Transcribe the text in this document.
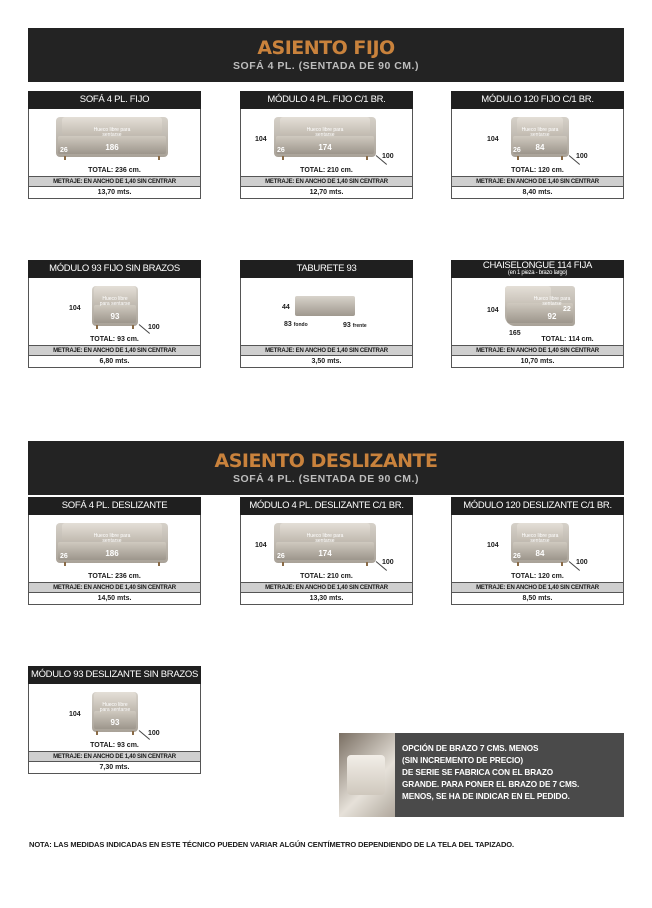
ASIENTO FIJO
SOFÁ 4 PL. (SENTADA DE 90 CM.)
SOFÁ 4 PL. FIJO
Hueco libre para sentarse
186
26
TOTAL: 236 cm.
METRAJE: EN ANCHO DE 1,40 SIN CENTRAR
13,70 mts.
MÓDULO 4 PL. FIJO C/1 BR.
104
Hueco libre para sentarse
174
26
100
TOTAL: 210 cm.
METRAJE: EN ANCHO DE 1,40 SIN CENTRAR
12,70 mts.
MÓDULO 120 FIJO C/1 BR.
104
Hueco libre para sentarse
84
26
100
TOTAL: 120 cm.
METRAJE: EN ANCHO DE 1,40 SIN CENTRAR
8,40 mts.
MÓDULO 93 FIJO SIN BRAZOS
104
Hueco libre para sentarse
93
100
TOTAL: 93 cm.
METRAJE: EN ANCHO DE 1,40 SIN CENTRAR
6,80 mts.
TABURETE 93
44
83 fondo	93 frente
METRAJE: EN ANCHO DE 1,40 SIN CENTRAR
3,50 mts.
CHAISELONGUE 114 FIJA
(en 1 pieza - brazo largo)
104
Hueco libre para sentarse
92
22
165
TOTAL: 114 cm.
METRAJE: EN ANCHO DE 1,40 SIN CENTRAR
10,70 mts.
ASIENTO DESLIZANTE
SOFÁ 4 PL. (SENTADA DE 90 CM.)
SOFÁ 4 PL. DESLIZANTE
Hueco libre para sentarse
186
26
TOTAL: 236 cm.
METRAJE: EN ANCHO DE 1,40 SIN CENTRAR
14,50 mts.
MÓDULO 4 PL. DESLIZANTE C/1 BR.
104
Hueco libre para sentarse
174
26
100
TOTAL: 210 cm.
METRAJE: EN ANCHO DE 1,40 SIN CENTRAR
13,30 mts.
MÓDULO 120 DESLIZANTE C/1 BR.
104
Hueco libre para sentarse
84
26
100
TOTAL: 120 cm.
METRAJE: EN ANCHO DE 1,40 SIN CENTRAR
8,50 mts.
MÓDULO 93 DESLIZANTE SIN BRAZOS
104
Hueco libre para sentarse
93
100
TOTAL: 93 cm.
METRAJE: EN ANCHO DE 1,40 SIN CENTRAR
7,30 mts.
OPCIÓN DE BRAZO 7 CMS. MENOS
(SIN INCREMENTO DE PRECIO)
DE SERIE SE FABRICA CON EL BRAZO
GRANDE. PARA PONER EL BRAZO DE 7 CMS.
MENOS, SE HA DE INDICAR EN EL PEDIDO.
NOTA: LAS MEDIDAS INDICADAS EN ESTE TÉCNICO PUEDEN VARIAR ALGÚN CENTÍMETRO DEPENDIENDO DE LA TELA DEL TAPIZADO.
